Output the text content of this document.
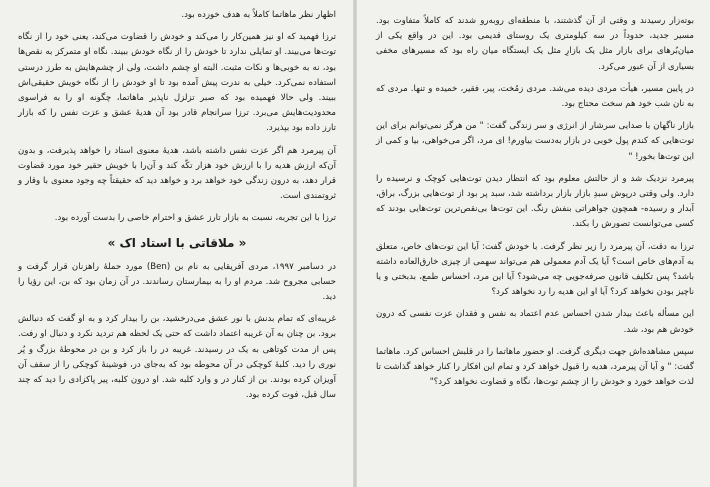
اظهار نظر ماهاتما کاملاً به هدف خورده بود.

ترزا فهمید که او نیز همین‌کار را می‌کند و خودش را قضاوت می‌کند، یعنی خود را از نگاه توت‌ها می‌بیند. او تمایلی ندارد تا خودش را از نگاه خودش ببیند. نگاه او متمرکز به نقص‌ها بود، نه به خوبی‌ها و نکات مثبت. البته او چشم داشت، ولی از چشم‌هایش به طرز درستی استفاده نمی‌کرد. خیلی به ندرت پیش آمده بود تا او خودش را از نگاه خویش حقیقی‌اش ببیند. ولی حالا فهمیده بود که صبر تزلزل ناپذیر ماهاتما، چگونه او را به فراسوی محدودیت‌هایش می‌برد. ترزا سرانجام قادر بود آن هدیهٔ عشق و عزت نفس را که بازار تارز داده بود بپذیرد.

آن پیرمرد هم اگر عزت نفس داشته باشد، هدیهٔ معنوی استاد را خواهد پذیرفت، و بدون آن‌که ارزش هدیه را با ارزش خود هزار تکّه کند و آن‌را با خویش حقیر خود مورد قضاوت قرار دهد، به درون زندگی خود خواهد برد و خواهد دید که حقیقتاً چه وجود معنوی با وقار و ثروتمندی است.

ترزا با این تجربه، نسبت به بازار تارز عشق و احترام خاصی را بدست آورده بود.

« ملاقاتی با استاد اک »

در دسامبر ۱۹۹۷، مردی آفریقایی به نام بن (Ben) مورد حملهٔ راهزنان قرار گرفت و حسابی مجروح شد. مردم او را به بیمارستان رساندند. در آن زمان بود که بن، این رؤیا را دید.

غریبه‌ای که تمام بدنش با نور عشق می‌درخشید، بن را بیدار کرد و به او گفت که دنبالش برود. بن چنان به آن غریبه اعتماد داشت که حتی یک لحظه هم تردید نکرد و دنبال او رفت. پس از مدت کوتاهی به یک در رسیدند. غریبه در را باز کرد و بن در محوطهٔ بزرگ و پُر نوری را دید. کلبهٔ کوچکی در آن محوطه بود که به‌جای در، فوشینهٔ کوچکی را از سقف آن آویزان کرده بودند. بن از کنار در و وارد کلبه شد. او درون کلبه، پیر پاکزادی را دید که چند سال قبل، فوت کرده بود.

بوته‌زار رسیدند و وقتی از آن گذشتند، با منطقه‌ای روبه‌رو شدند که کاملاً متفاوت بود. مسیر جدید، حدوداً در سه کیلومتری یک روستای قدیمی بود. این در واقع یکی از میان‌بُرهای برای بازار مثل یک بازارِ مثل یک ایستگاه میان راه بود که مسیرهای مخفی بسیاری از آن عبور می‌کرد.

در پایین مسیر، هیأت مردی دیده می‌شد. مردی زمُخت، پیر، فقیر، خمیده و تنها. مردی که به نان شب خود هم سخت محتاج بود.

بازار ناگهان با صدایی سرشار از انرژی و سر زندگی گفت: " من هرگز نمی‌توانم برای این توت‌هایی که کندم پول خوبی در بازار به‌دست بیاورم! ای مرد، اگر می‌خواهی، بیا و کمی از این توت‌ها بخور! "

پیرمرد نزدیک شد و از حالتش معلوم بود که انتظار دیدن توت‌هایی کوچک و نرسیده را دارد. ولی وقتی درپوش سبدِ بازار بازار برداشته شد، سبد پر بود از توت‌هایی بزرگ، براق، آبدار و رسیده- همچون جواهراتی بنفش رنگ. این توت‌ها بی‌نقص‌ترین توت‌هایی بودند که کسی می‌توانست تصورش را بکند.

ترزا به دقت، آن پیرمرد را زیر نظر گرفت. با خودش گفت: آیا این توت‌های خاص، متعلق به آدم‌های خاص است؟ آیا یک آدم معمولی هم می‌تواند سهمی از چیزی خارق‌العاده داشته باشد؟ پس تکلیف قانون صرفه‌جویی چه می‌شود؟ آیا این مرد، احساس طمع، بدبختی و یا ناچیز بودن نخواهد کرد؟ آیا او این هدیه را رد نخواهد کرد؟

این مسأله باعث بیدار شدن احساس عدم اعتماد به نفس و فقدان عزت نفسی که درون خودش هم بود، شد.

سپس مشاهده‌اش جهت دیگری گرفت. او حضور ماهاتما را در قلبش احساس کرد. ماهاتما گفت: " و آیا آن پیرمرد، هدیه را قبول خواهد کرد و تمام این افکار را کنار خواهد گذاشت تا لذت خواهد خورد و خودش را از چشم توت‌ها، نگاه و قضاوت نخواهد کرد؟"
